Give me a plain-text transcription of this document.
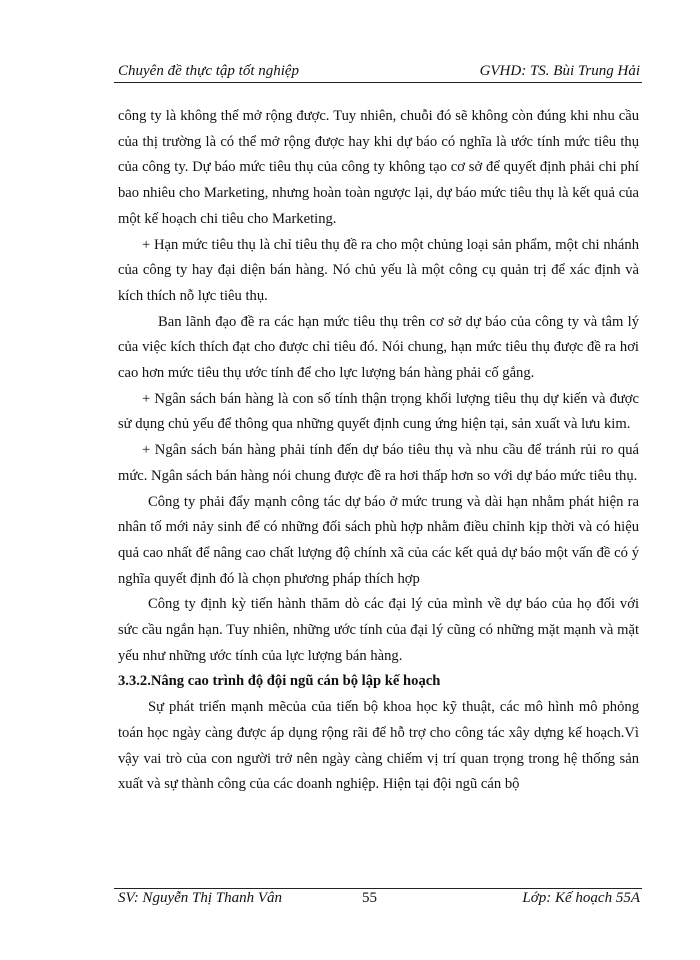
Chuyên đề thực tập tốt nghiệp	GVHD: TS. Bùi Trung Hải

công ty là không thể mở rộng được. Tuy nhiên, chuỗi đó sẽ không còn đúng khi nhu cầu của thị trường là có thể mở rộng được hay khi dự báo có nghĩa là ước tính mức tiêu thụ của công ty. Dự báo mức tiêu thụ của công ty không tạo cơ sở để quyết định phải chi phí bao nhiêu cho Marketing, nhưng hoàn toàn ngược lại, dự báo mức tiêu thụ là kết quả của một kế hoạch chi tiêu cho Marketing.

+ Hạn mức tiêu thụ là chỉ tiêu thụ đề ra cho một chủng loại sản phẩm, một chi nhánh của công ty hay đại diện bán hàng. Nó chủ yếu là một công cụ quản trị để xác định và kích thích nỗ lực tiêu thụ.

Ban lãnh đạo đề ra các hạn mức tiêu thụ trên cơ sở dự báo của công ty và tâm lý của việc kích thích đạt cho được chỉ tiêu đó. Nói chung, hạn mức tiêu thụ được đề ra hơi cao hơn mức tiêu thụ ước tính để cho lực lượng bán hàng phải cố gắng.

+ Ngân sách bán hàng là con số tính thận trọng khối lượng tiêu thụ dự kiến và được sử dụng chủ yếu để thông qua những quyết định cung ứng hiện tại, sản xuất và lưu kim.

+ Ngân sách bán hàng phải tính đến dự báo tiêu thụ và nhu cầu để tránh rủi ro quá mức. Ngân sách bán hàng nói chung được đề ra hơi thấp hơn so với dự báo mức tiêu thụ.

Công ty phải đẩy mạnh công tác dự báo ở mức trung và dài hạn nhằm phát hiện ra nhân tố mới nảy sinh để có những đối sách phù hợp nhằm điều chỉnh kịp thời và có hiệu quả cao nhất để nâng cao chất lượng độ chính xã của các kết quả dự báo một vấn đề có ý nghĩa quyết định đó là chọn phương pháp thích hợp

Công ty định kỳ tiến hành thăm dò các đại lý của mình về dự báo của họ đối với sức cầu ngắn hạn. Tuy nhiên, những ước tính của đại lý cũng có những mặt mạnh và mặt yếu như những ước tính của lực lượng bán hàng.

3.3.2.Nâng cao trình độ đội ngũ cán bộ lập kế hoạch

Sự phát triển mạnh mẽcủa của tiến bộ khoa học kỹ thuật, các mô hình mô phỏng toán học ngày càng được áp dụng rộng rãi để hỗ trợ cho công tác xây dựng kế hoạch.Vì vậy vai trò của con người trở nên ngày càng chiếm vị trí quan trọng trong hệ thống sản xuất và sự thành công của các doanh nghiệp. Hiện tại đội ngũ cán bộ

SV: Nguyễn Thị Thanh Vân	55	Lớp: Kế hoạch 55A
